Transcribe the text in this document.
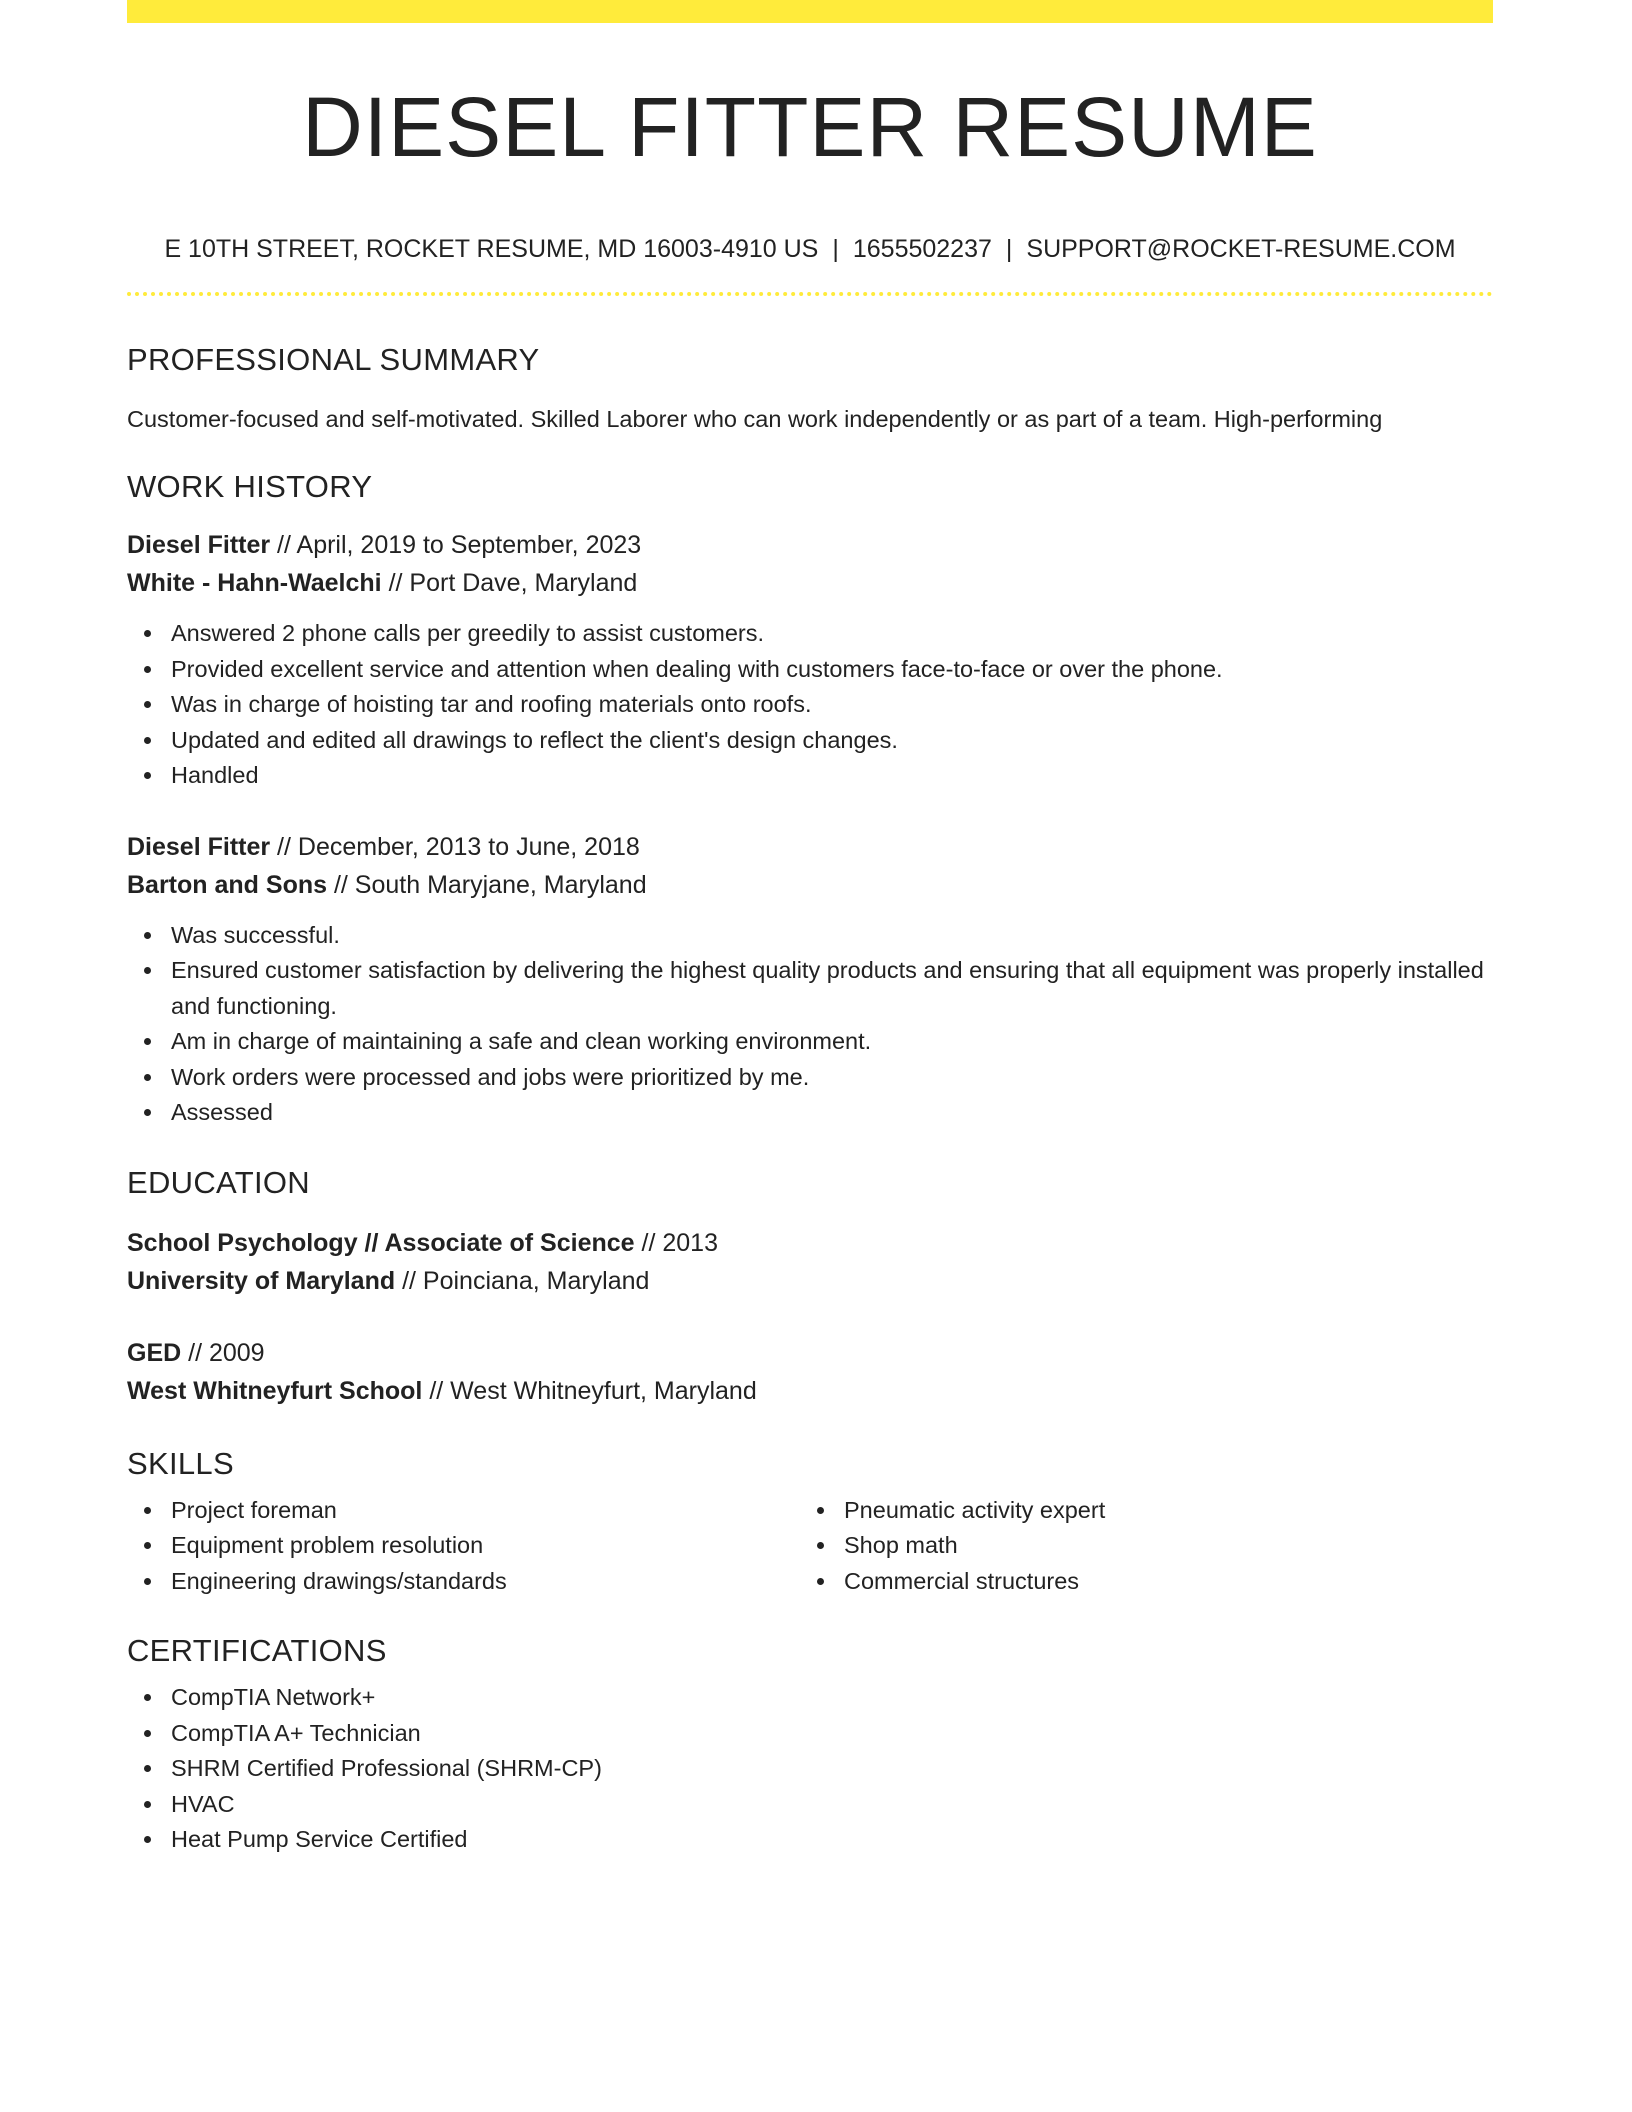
DIESEL FITTER RESUME
E 10TH STREET, ROCKET RESUME, MD 16003-4910 US | 1655502237 | SUPPORT@ROCKET-RESUME.COM
PROFESSIONAL SUMMARY
Customer-focused and self-motivated. Skilled Laborer who can work independently or as part of a team. High-performing
WORK HISTORY
Diesel Fitter // April, 2019 to September, 2023
White - Hahn-Waelchi // Port Dave, Maryland
Answered 2 phone calls per greedily to assist customers.
Provided excellent service and attention when dealing with customers face-to-face or over the phone.
Was in charge of hoisting tar and roofing materials onto roofs.
Updated and edited all drawings to reflect the client's design changes.
Handled
Diesel Fitter // December, 2013 to June, 2018
Barton and Sons // South Maryjane, Maryland
Was successful.
Ensured customer satisfaction by delivering the highest quality products and ensuring that all equipment was properly installed and functioning.
Am in charge of maintaining a safe and clean working environment.
Work orders were processed and jobs were prioritized by me.
Assessed
EDUCATION
School Psychology // Associate of Science // 2013
University of Maryland // Poinciana, Maryland
GED // 2009
West Whitneyfurt School // West Whitneyfurt, Maryland
SKILLS
Project foreman
Equipment problem resolution
Engineering drawings/standards
Pneumatic activity expert
Shop math
Commercial structures
CERTIFICATIONS
CompTIA Network+
CompTIA A+ Technician
SHRM Certified Professional (SHRM-CP)
HVAC
Heat Pump Service Certified
